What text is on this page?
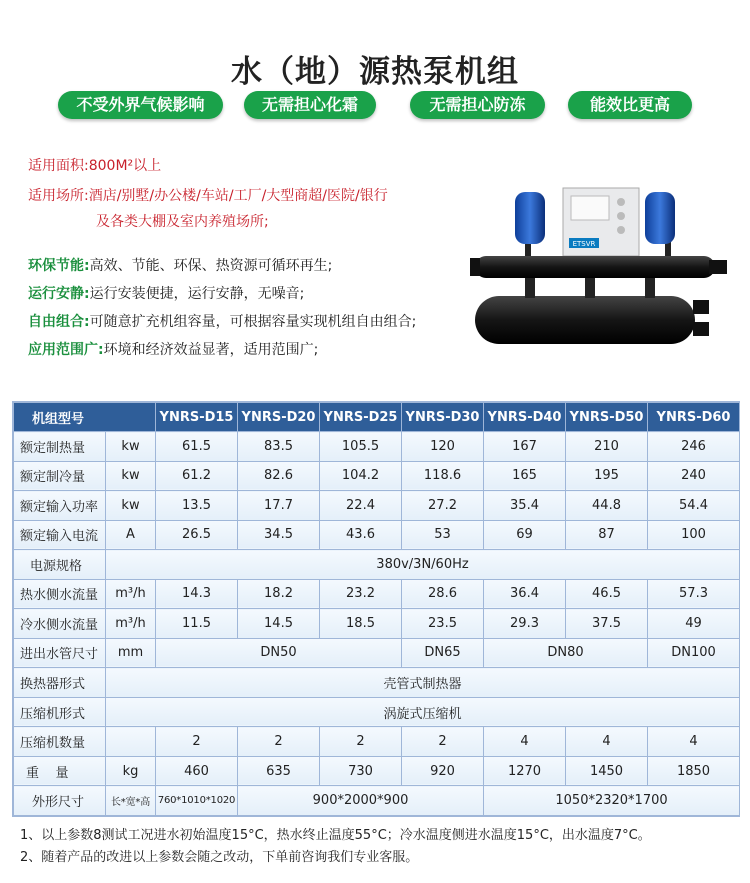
水（地）源热泵机组
不受外界气候影响	无需担心化霜	无需担心防冻	能效比更高
适用面积:800M²以上
适用场所:酒店/别墅/办公楼/车站/工厂/大型商超/医院/银行
及各类大棚及室内养殖场所;
环保节能:高效、节能、环保、热资源可循环再生;
运行安静:运行安装便捷，运行安静，无噪音;
自由组合:可随意扩充机组容量，可根据容量实现机组自由组合;
应用范围广:环境和经济效益显著，适用范围广;
ETSVR
机组型号		YNRS-D15	YNRS-D20	YNRS-D25	YNRS-D30	YNRS-D40	YNRS-D50	YNRS-D60
额定制热量	kw	61.5	83.5	105.5	120	167	210	246
额定制冷量	kw	61.2	82.6	104.2	118.6	165	195	240
额定输入功率	kw	13.5	17.7	22.4	27.2	35.4	44.8	54.4
额定输入电流	A	26.5	34.5	43.6	53	69	87	100
电源规格	380v/3N/60Hz							
热水侧水流量	m³/h	14.3	18.2	23.2	28.6	36.4	46.5	57.3
冷水侧水流量	m³/h	11.5	14.5	18.5	23.5	29.3	37.5	49
进出水管尺寸	mm	DN50			DN65	DN80		DN100
换热器形式	壳管式制热器							
压缩机形式	涡旋式压缩机							
压缩机数量		2	2	2	2	4	4	4
重    量	kg	460	635	730	920	1270	1450	1850
外形尺寸	长*宽*高	760*1010*1020	900*2000*900			1050*2320*1700		
1、以上参数8测试工况进水初始温度15°C，热水终止温度55°C；冷水温度侧进水温度15°C，出水温度7°C。
2、随着产品的改进以上参数会随之改动，下单前咨询我们专业客服。
